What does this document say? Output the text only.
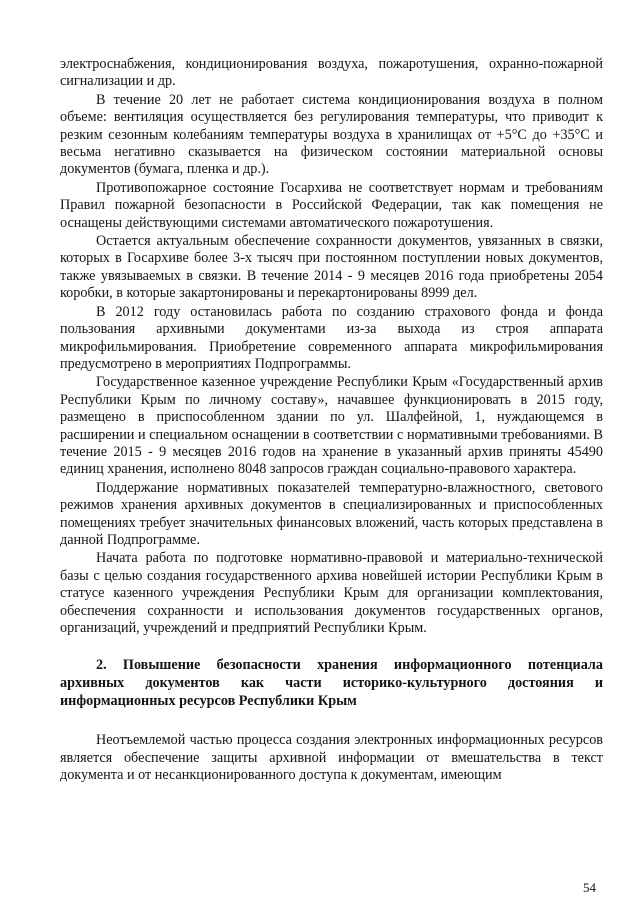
электроснабжения, кондиционирования воздуха, пожаротушения, охранно-пожарной сигнализации и др.

В течение 20 лет не работает система кондиционирования воздуха в полном объеме: вентиляция осуществляется без регулирования температуры, что приводит к резким сезонным колебаниям температуры воздуха в хранилищах от +5°С до +35°С и весьма негативно сказывается на физическом состоянии материальной основы документов (бумага, пленка и др.).

Противопожарное состояние Госархива не соответствует нормам и требованиям Правил пожарной безопасности в Российской Федерации, так как помещения не оснащены действующими системами автоматического пожаротушения.

Остается актуальным обеспечение сохранности документов, увязанных в связки, которых в Госархиве более 3-х тысяч при постоянном поступлении новых документов, также увязываемых в связки. В течение 2014 - 9 месяцев 2016 года приобретены 2054 коробки, в которые закартонированы и перекартонированы 8999 дел.

В 2012 году остановилась работа по созданию страхового фонда и фонда пользования архивными документами из-за выхода из строя аппарата микрофильмирования. Приобретение современного аппарата микрофильмирования предусмотрено в мероприятиях Подпрограммы.

Государственное казенное учреждение Республики Крым «Государственный архив Республики Крым по личному составу», начавшее функционировать в 2015 году, размещено в приспособленном здании по ул. Шалфейной, 1, нуждающемся в расширении и специальном оснащении в соответствии с нормативными требованиями. В течение 2015 - 9 месяцев 2016 годов на хранение в указанный архив приняты 45490 единиц хранения, исполнено 8048 запросов граждан социально-правового характера.

Поддержание нормативных показателей температурно-влажностного, светового режимов хранения архивных документов в специализированных и приспособленных помещениях требует значительных финансовых вложений, часть которых представлена в данной Подпрограмме.

Начата работа по подготовке нормативно-правовой и материально-технической базы с целью создания государственного архива новейшей истории Республики Крым в статусе казенного учреждения Республики Крым для организации комплектования, обеспечения сохранности и использования документов государственных органов, организаций, учреждений и предприятий Республики Крым.

2. Повышение безопасности хранения информационного потенциала архивных документов как части историко-культурного достояния и информационных ресурсов Республики Крым

Неотъемлемой частью процесса создания электронных информационных ресурсов является обеспечение защиты архивной информации от вмешательства в текст документа и от несанкционированного доступа к документам, имеющим

54
